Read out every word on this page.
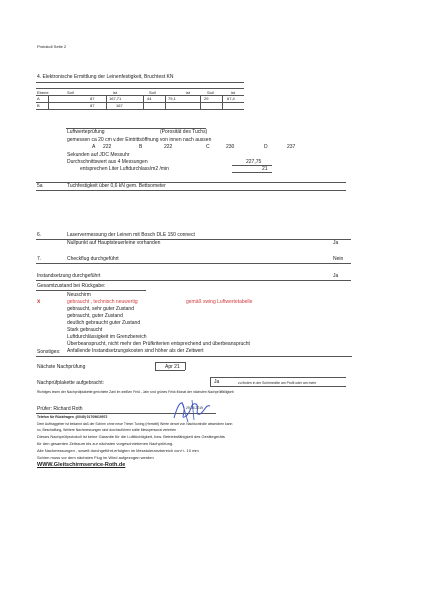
Protokoll Seite 2
4. Elektronische Ermittlung der Leinenfestigkeit, Bruchtest KN
Ebene	Soll	ist	Soll	ist	Soll	ist
A	87	167,71	44	79,1	29	67,4
B	87	167
Luftwerteprüfung	(Porosität des Tuchs)
gemessen ca 20 cm v.der Eintrittsöffnung von innen nach aussen
A 222	B	222	C	230	D	237
Sekunden auf JDC Messuhr
Durchschnittswert aus 4 Messungen	227,75
entsprechen Liter Luftdurchlass/m2 /min	21
5a	Tuchfestigkeit über 0,6 kN gem. Bettsometer
6.	Laservermessung der Leinen mit Bosch DLE 150 connect
Nullpunkt auf Hauptsteuerleine vorhanden	Ja
7.	Checkflug durchgeführt	Nein
Instandsetzung durchgeführt	Ja
Gesamtzustand bei Rückgabe:
Neuschirm
x	gebraucht , technisch neuwertig	gemäß swing Luftwertetabelle
gebraucht, sehr guter Zustand
gebraucht, guter Zustand
deutlich gebraucht guter Zustand
Stark gebraucht
Luftdurchlässigkeit im Grenzbereich
Überbeansprucht, nicht mehr den Prüfkriterien entsprechend und überbeansprucht
Anfallende Instandsetzungskosten sind höher als der Zeitwert
Sonstiges:
Nächste Nachprüfung	Apr 21
Nachprüfplakette aufgebracht:	Ja	zu finden in der Schirmmitte am Profil oder am mehr
Richtiges lesen der Nachprüfplakette:gerichtete Zahl im weißen Feld - Jahr und grünes Feld=Monat der nächsten Nachprüffälligkeit
Prüfer: Richard Roth	29.05.2019
Telefon für Rückfragen ;(0049) 01709619972
Dem Auftraggeber ist bekannt daß der Schirm ohne neue Trimm Tuning (Herstell) Werte derart von Nachkontrolle abweichen kann
so, Beschaffung, Weitere Nachmessungen sind durchzuführen sollte Messpersonal vertreten
Dieses Nachprüfprotokoll ist keine Garantie für die Lufttüchtigkeit, bzw. Betriebsfähigkeit des Gerätegeräts
für den gesamten Zeitraum bis zur nächsten vorgeschriebenen Nachprüfung.
Alle Nachmessungen , soweit durchgeführt,erfolgten im Messtoleranzbereich von+/- 10 mm
Schirm muss vor dem nächsten Flug im Wind aufgezogen werden
WWW.Gleitschirmservice-Roth.de
